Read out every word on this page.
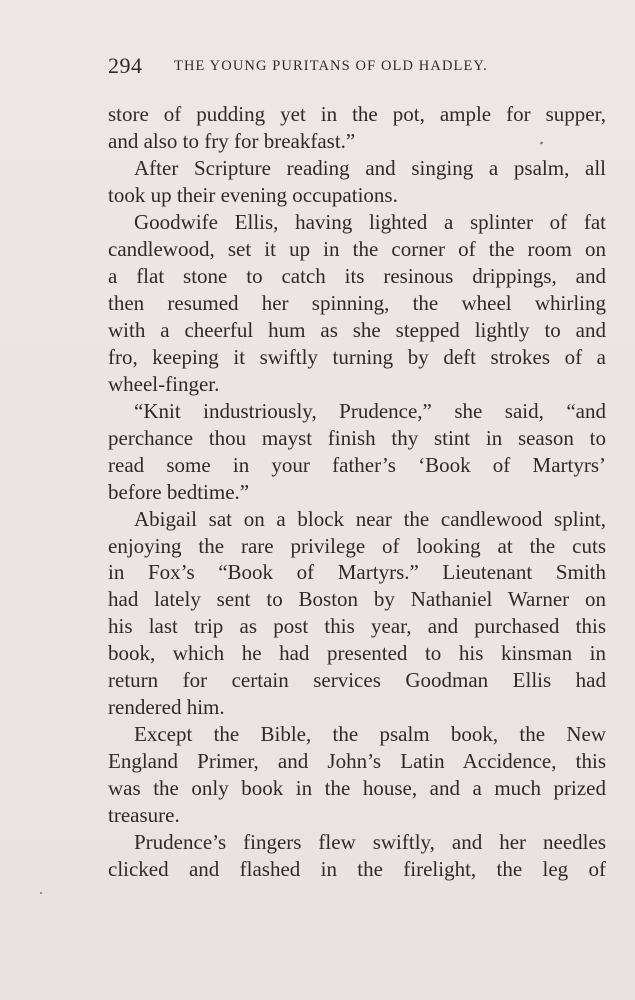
294 THE YOUNG PURITANS OF OLD HADLEY.
store of pudding yet in the pot, ample for supper,
and also to fry for breakfast.”
After Scripture reading and singing a psalm, all
took up their evening occupations.
Goodwife Ellis, having lighted a splinter of fat
candlewood, set it up in the corner of the room on
a flat stone to catch its resinous drippings, and
then resumed her spinning, the wheel whirling
with a cheerful hum as she stepped lightly to and
fro, keeping it swiftly turning by deft strokes of a
wheel-finger.
“Knit industriously, Prudence,” she said, “and
perchance thou mayst finish thy stint in season to
read some in your father’s ‘Book of Martyrs’
before bedtime.”
Abigail sat on a block near the candlewood splint,
enjoying the rare privilege of looking at the cuts
in Fox’s “Book of Martyrs.” Lieutenant Smith
had lately sent to Boston by Nathaniel Warner on
his last trip as post this year, and purchased this
book, which he had presented to his kinsman in
return for certain services Goodman Ellis had
rendered him.
Except the Bible, the psalm book, the New
England Primer, and John’s Latin Accidence, this
was the only book in the house, and a much prized
treasure.
Prudence’s fingers flew swiftly, and her needles
clicked and flashed in the firelight, the leg of
